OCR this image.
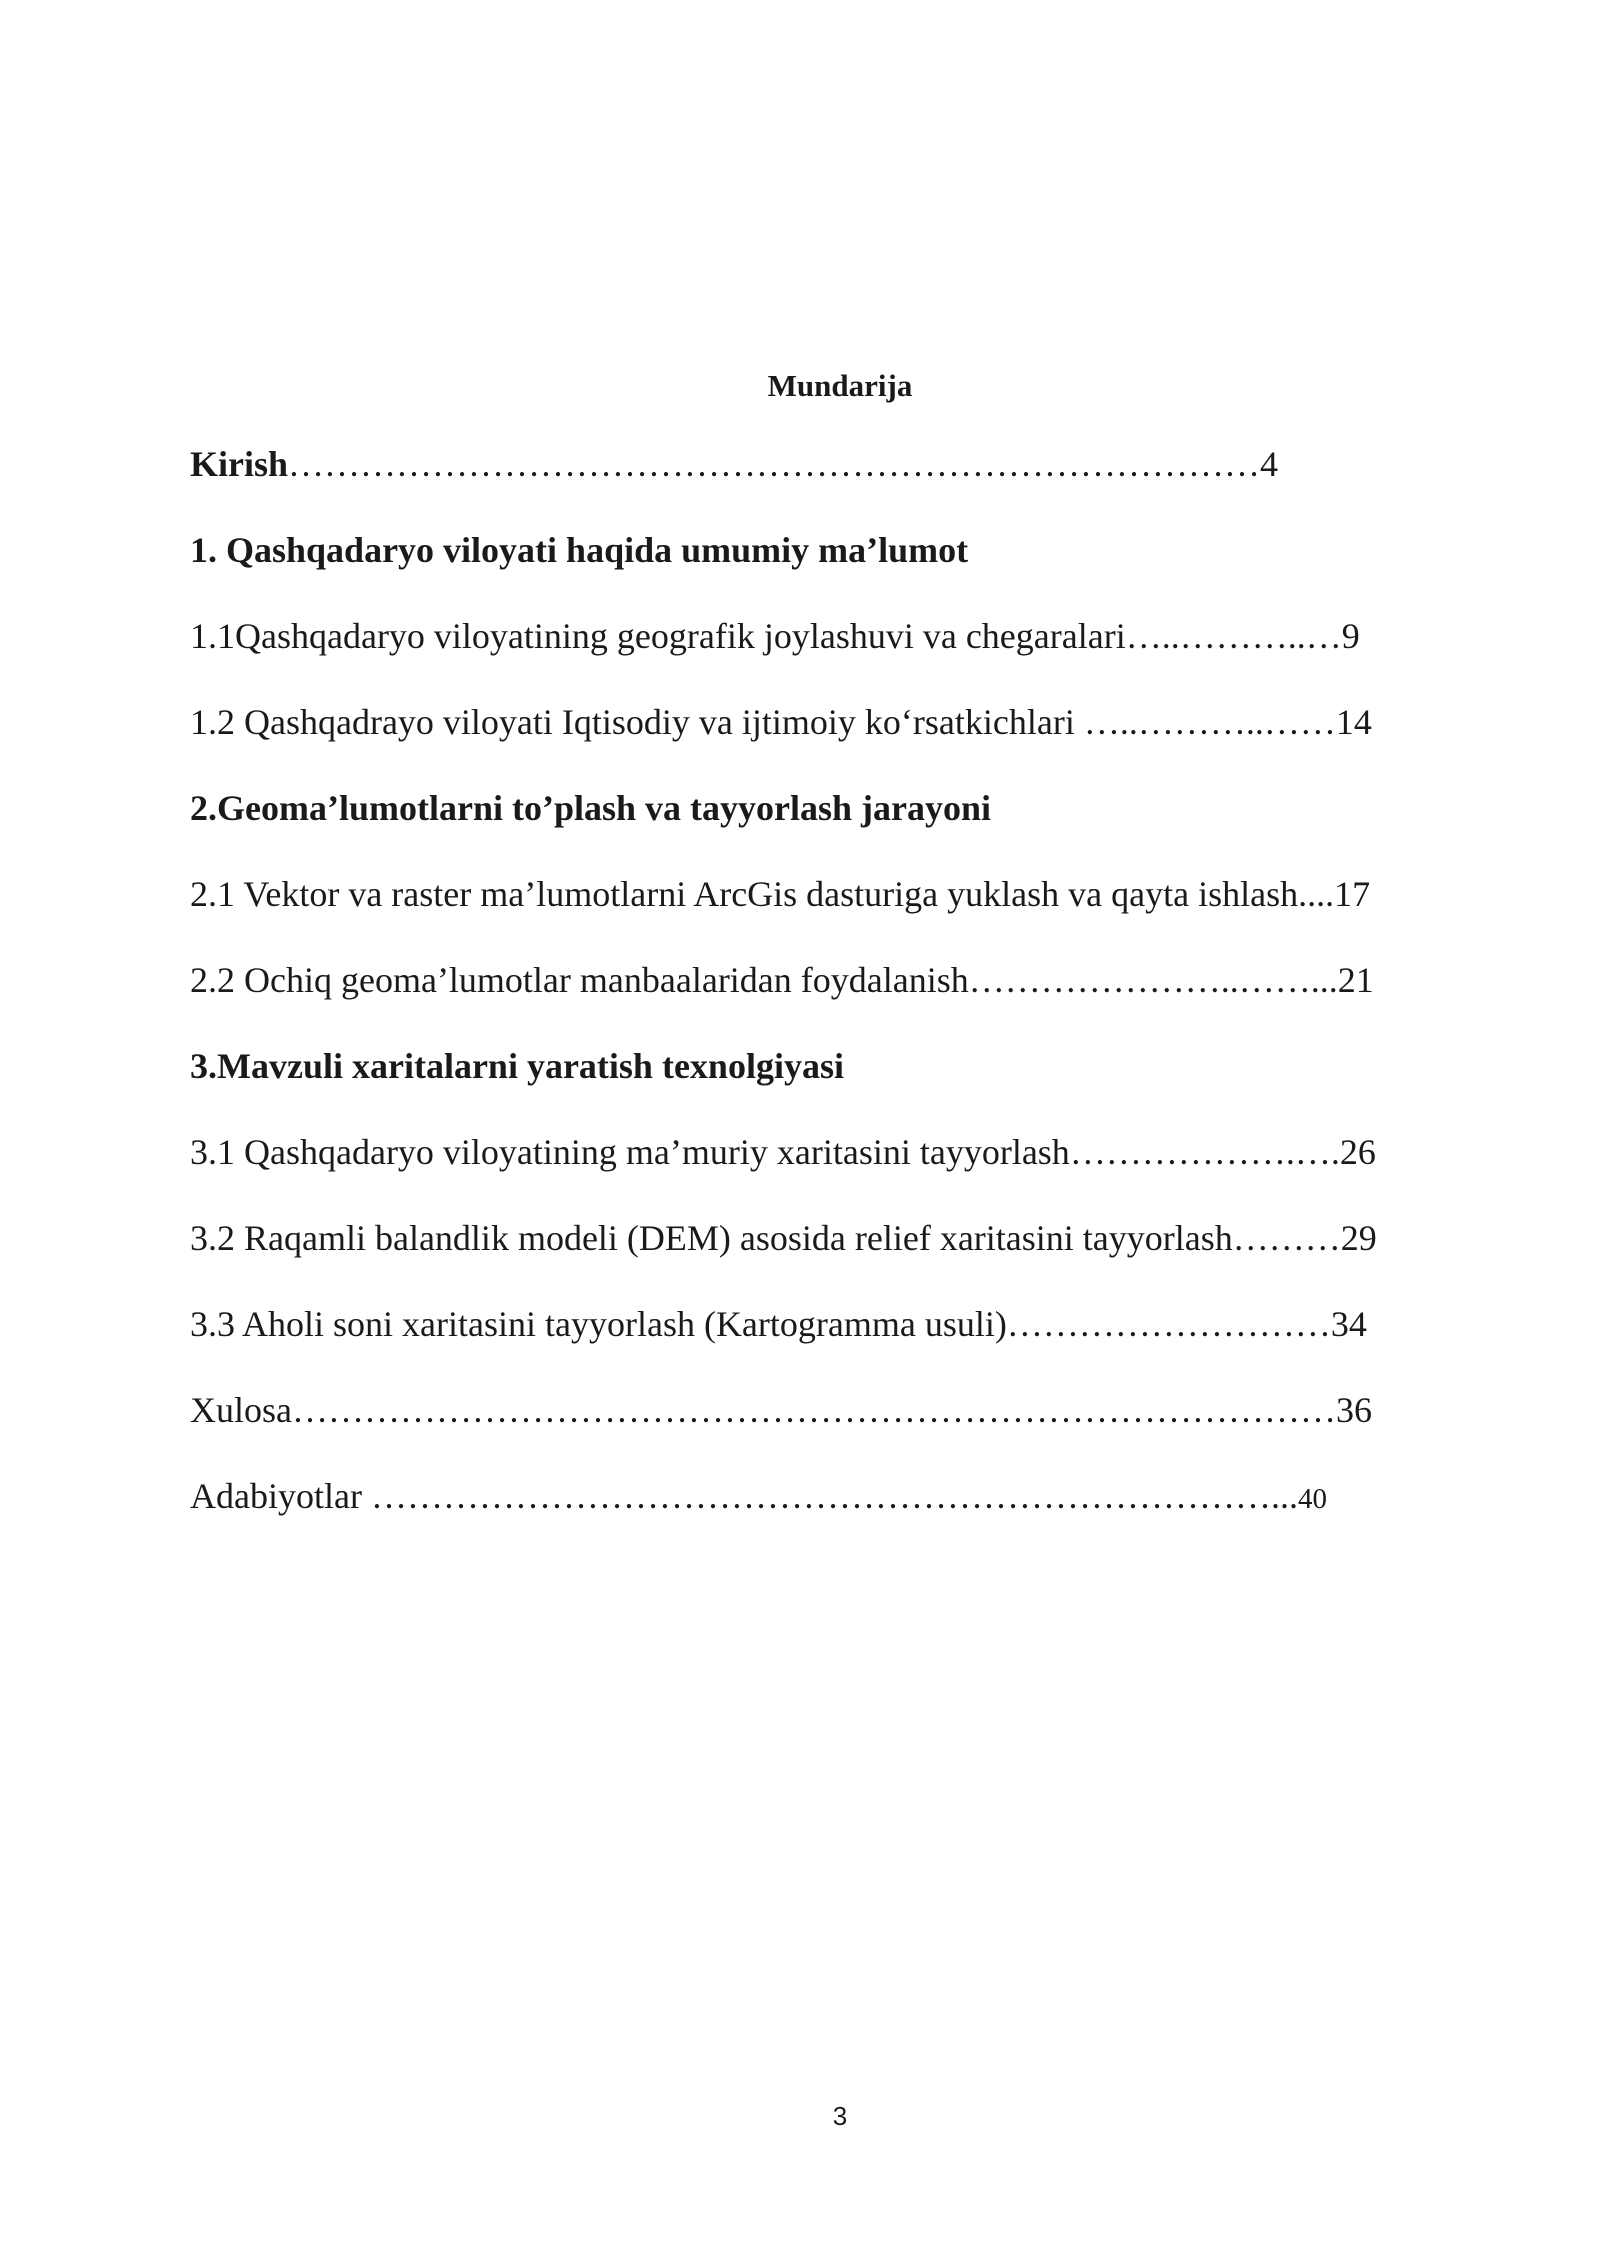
Mundarija
Kirish………………………………………………………………………4
1. Qashqadaryo viloyati haqida umumiy ma’lumot
1.1Qashqadaryo viloyatining geografik joylashuvi va chegaralari…..………..…9
1.2 Qashqadrayo viloyati Iqtisodiy va ijtimoiy ko‘rsatkichlari …..………..……14
2.Geoma’lumotlarni to’plash va tayyorlash jarayoni
2.1 Vektor va raster ma’lumotlarni ArcGis dasturiga yuklash va qayta ishlash....17
2.2 Ochiq geoma’lumotlar manbaalaridan foydalanish…………………..……...21
3.Mavzuli xaritalarni yaratish texnolgiyasi
3.1 Qashqadaryo viloyatining ma’muriy xaritasini tayyorlash……………….….26
3.2 Raqamli balandlik modeli (DEM) asosida relief xaritasini tayyorlash………29
3.3 Aholi soni xaritasini tayyorlash (Kartogramma usuli)………………………34
Xulosa……………………………………………………………………………36
Adabiyotlar …………………………………………………………………...40
3
